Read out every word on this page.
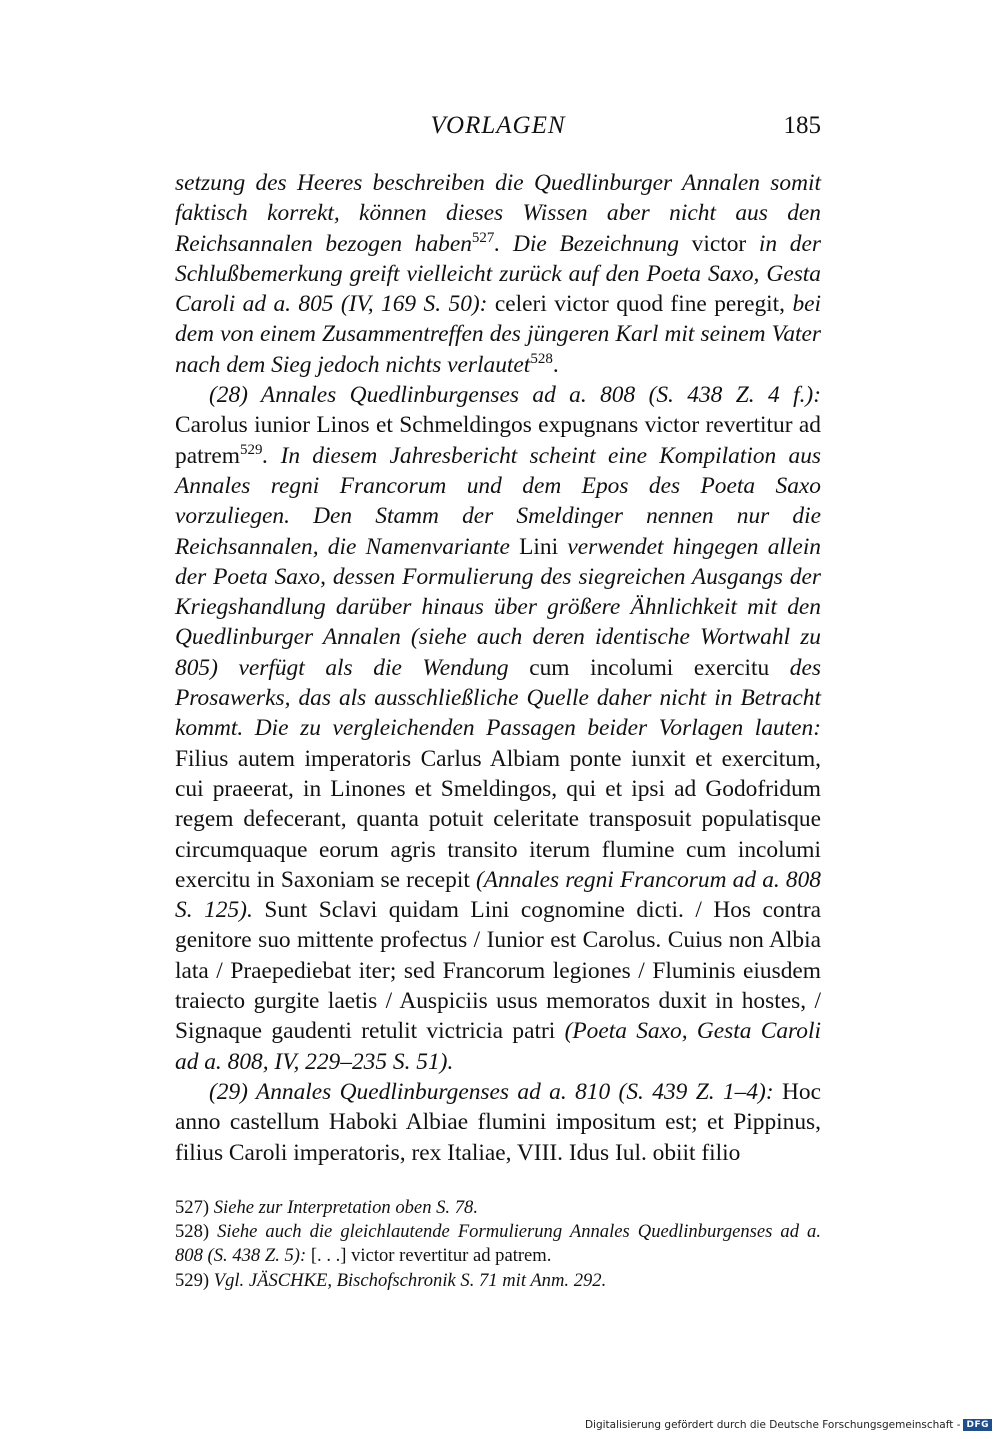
VORLAGEN	185

setzung des Heeres beschreiben die Quedlinburger Annalen somit faktisch korrekt, können dieses Wissen aber nicht aus den Reichsannalen bezogen haben$^{527}$. Die Bezeichnung victor in der Schlußbemerkung greift vielleicht zurück auf den Poeta Saxo, Gesta Caroli ad a. 805 (IV, 169 S. 50): celeri victor quod fine peregit, bei dem von einem Zusammentreffen des jüngeren Karl mit seinem Vater nach dem Sieg jedoch nichts verlautet$^{528}$.

(28) Annales Quedlinburgenses ad a. 808 (S. 438 Z. 4 f.): Carolus iunior Linos et Schmeldingos expugnans victor revertitur ad patrem$^{529}$. In diesem Jahresbericht scheint eine Kompilation aus Annales regni Francorum und dem Epos des Poeta Saxo vorzuliegen. Den Stamm der Smeldinger nennen nur die Reichsannalen, die Namenvariante Lini verwendet hingegen allein der Poeta Saxo, dessen Formulierung des siegreichen Ausgangs der Kriegshandlung darüber hinaus über größere Ähnlichkeit mit den Quedlinburger Annalen (siehe auch deren identische Wortwahl zu 805) verfügt als die Wendung cum incolumi exercitu des Prosawerks, das als ausschließliche Quelle daher nicht in Betracht kommt. Die zu vergleichenden Passagen beider Vorlagen lauten: Filius autem imperatoris Carlus Albiam ponte iunxit et exercitum, cui praeerat, in Linones et Smeldingos, qui et ipsi ad Godofridum regem defecerant, quanta potuit celeritate transposuit populatisque circumquaque eorum agris transito iterum flumine cum incolumi exercitu in Saxoniam se recepit (Annales regni Francorum ad a. 808 S. 125). Sunt Sclavi quidam Lini cognomine dicti. / Hos contra genitore suo mittente profectus / Iunior est Carolus. Cuius non Albia lata / Praepediebat iter; sed Francorum legiones / Fluminis eiusdem traiecto gurgite laetis / Auspiciis usus memoratos duxit in hostes, / Signaque gaudenti retulit victricia patri (Poeta Saxo, Gesta Caroli ad a. 808, IV, 229–235 S. 51).

(29) Annales Quedlinburgenses ad a. 810 (S. 439 Z. 1–4): Hoc anno castellum Haboki Albiae flumini impositum est; et Pippinus, filius Caroli imperatoris, rex Italiae, VIII. Idus Iul. obiit filio

527) Siehe zur Interpretation oben S. 78.

528) Siehe auch die gleichlautende Formulierung Annales Quedlinburgenses ad a. 808 (S. 438 Z. 5): [. . .] victor revertitur ad patrem.

529) Vgl. JÄSCHKE, Bischofschronik S. 71 mit Anm. 292.

Digitalisierung gefördert durch die Deutsche Forschungsgemeinschaft - DFG
